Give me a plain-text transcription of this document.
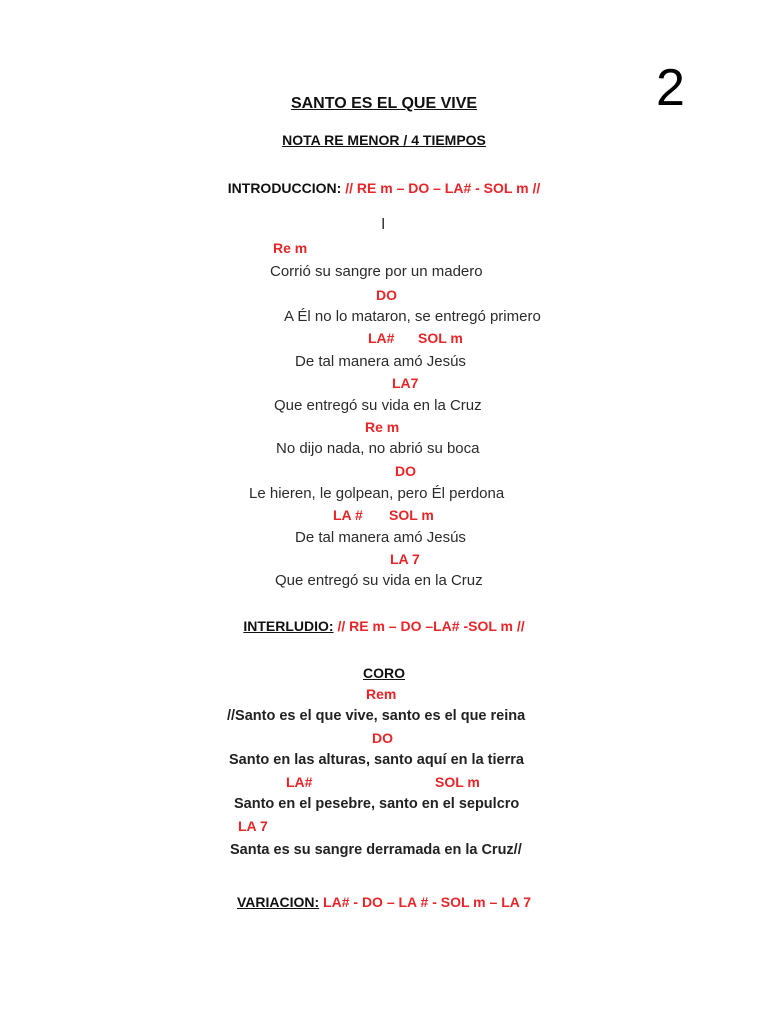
2
SANTO ES EL QUE VIVE
NOTA RE MENOR / 4 TIEMPOS
INTRODUCCION: // RE m – DO – LA# - SOL m //
I
Re m
Corrió su sangre por un madero
DO
A Él no lo mataron, se entregó primero
LA# SOL m
De tal manera amó Jesús
LA7
Que entregó su vida en la Cruz
Re m
No dijo nada, no abrió su boca
DO
Le hieren, le golpean, pero Él perdona
LA # SOL m
De tal manera amó Jesús
LA 7
Que entregó su vida en la Cruz
INTERLUDIO: // RE m – DO –LA# -SOL m //
CORO
Rem
//Santo es el que vive, santo es el que reina
DO
Santo en las alturas, santo aquí en la tierra
LA#	SOL m
Santo en el pesebre, santo en el sepulcro
LA 7
Santa es su sangre derramada en la Cruz//
VARIACION: LA# - DO – LA # - SOL m – LA 7
